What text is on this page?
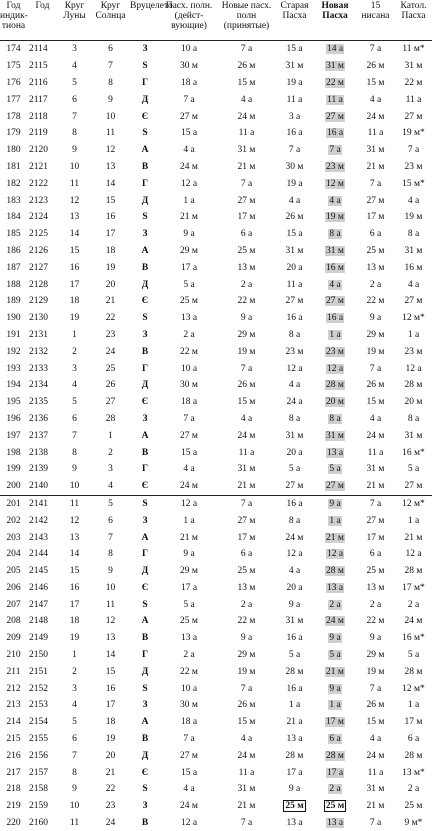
Год индик-тиона	Год	Круг Луны	Круг Солнца	Вруцелето	Пасх. полн. (дейст-вующие)	Новые пасх. полн (принятые)	Старая Пасха	Новая Пасха	15 нисана	Катол. Пасха
174	2114	3	6	З	10 а	7 а	15 а	14 а	7 а	11 м*
175	2115	4	7	Ѕ	30 м	26 м	31 м	31 м	26 м	31 м
176	2116	5	8	Г	18 а	15 м	19 а	22 м	15 м	22 м
177	2117	6	9	Д	7 а	4 а	11 а	11 а	4 а	11 а
178	2118	7	10	Є	27 м	24 м	3 а	27 м	24 м	27 м
179	2119	8	11	Ѕ	15 а	11 а	16 а	16 а	11 а	19 м*
180	2120	9	12	А	4 а	31 м	7 а	7 а	31 м	7 а
181	2121	10	13	В	24 м	21 м	30 м	23 м	21 м	23 м
182	2122	11	14	Г	12 а	7 а	19 а	12 м	7 а	15 м*
183	2123	12	15	Д	1 а	27 м	4 а	4 а	27 м	4 а
184	2124	13	16	Ѕ	21 м	17 м	26 м	19 м	17 м	19 м
185	2125	14	17	З	9 а	6 а	15 а	8 а	6 а	8 а
186	2126	15	18	А	29 м	25 м	31 м	31 м	25 м	31 м
187	2127	16	19	В	17 а	13 м	20 а	16 м	13 м	16 м
188	2128	17	20	Д	5 а	2 а	11 а	4 а	2 а	4 а
189	2129	18	21	Є	25 м	22 м	27 м	27 м	22 м	27 м
190	2130	19	22	Ѕ	13 а	9 а	16 а	16 а	9 а	12 м*
191	2131	1	23	З	2 а	29 м	8 а	1 а	29 м	1 а
192	2132	2	24	В	22 м	19 м	23 м	23 м	19 м	23 м
193	2133	3	25	Г	10 а	7 а	12 а	12 а	7 а	12 а
194	2134	4	26	Д	30 м	26 м	4 а	28 м	26 м	28 м
195	2135	5	27	Є	18 а	15 м	24 а	20 м	15 м	20 м
196	2136	6	28	З	7 а	4 а	8 а	8 а	4 а	8 а
197	2137	7	1	А	27 м	24 м	31 м	31 м	24 м	31 м
198	2138	8	2	В	15 а	11 а	20 а	13 а	11 а	16 м*
199	2139	9	3	Г	4 а	31 м	5 а	5 а	31 м	5 а
200	2140	10	4	Є	24 м	21 м	27 м	27 м	21 м	27 м
201	2141	11	5	Ѕ	12 а	7 а	16 а	9 а	7 а	12 м*
202	2142	12	6	З	1 а	27 м	8 а	1 а	27 м	1 а
203	2143	13	7	А	21 м	17 м	24 м	21 м	17 м	21 м
204	2144	14	8	Г	9 а	6 а	12 а	12 а	6 а	12 а
205	2145	15	9	Д	29 м	25 м	4 а	28 м	25 м	28 м
206	2146	16	10	Є	17 а	13 м	20 а	13 а	13 м	17 м*
207	2147	17	11	Ѕ	5 а	2 а	9 а	2 а	2 а	2 а
208	2148	18	12	А	25 м	22 м	31 м	24 м	22 м	24 м
209	2149	19	13	В	13 а	9 а	16 а	9 а	9 а	16 м*
210	2150	1	14	Г	2 а	29 м	5 а	5 а	29 м	5 а
211	2151	2	15	Д	22 м	19 м	28 м	21 м	19 м	28 м
212	2152	3	16	Ѕ	10 а	7 а	16 а	9 а	7 а	12 м*
213	2153	4	17	З	30 м	26 м	1 а	1 а	26 м	1 а
214	2154	5	18	А	18 а	15 м	21 а	17 м	15 м	17 м
215	2155	6	19	В	7 а	4 а	13 а	6 а	4 а	6 а
216	2156	7	20	Д	27 м	24 м	28 м	28 м	24 м	28 м
217	2157	8	21	Є	15 а	11 а	17 а	17 а	11 а	13 м*
218	2158	9	22	Ѕ	4 а	31 м	9 а	2 а	31 м	2 а
219	2159	10	23	З	24 м	21 м	25 м	25 м	21 м	25 м
220	2160	11	24	В	12 а	7 а	13 а	13 а	7 а	9 м*
